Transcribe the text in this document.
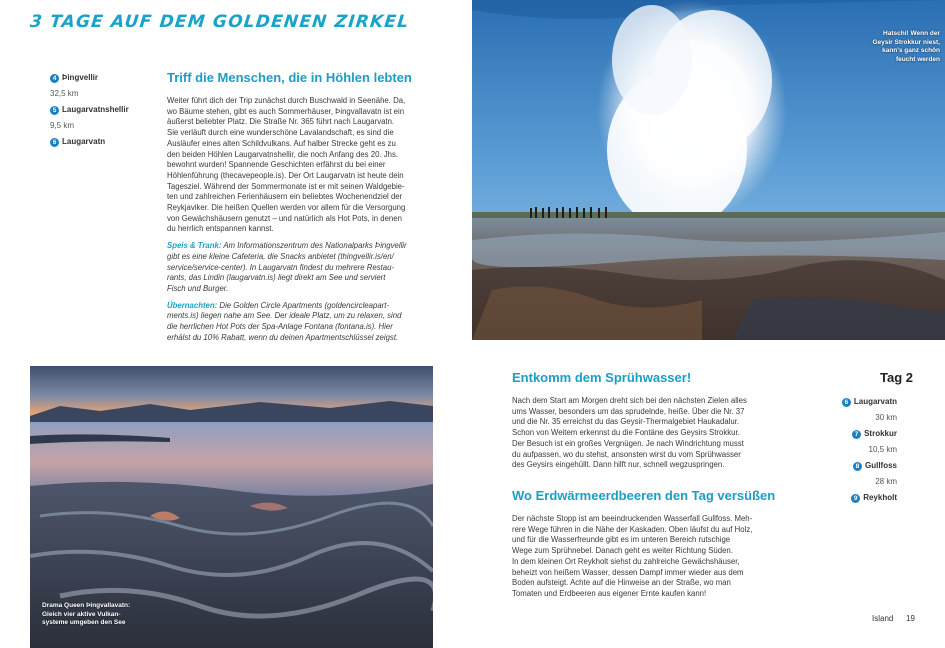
3 TAGE AUF DEM GOLDENEN ZIRKEL
4 Þingvellir
32,5 km
5 Laugarvatnshellir
9,5 km
6 Laugarvatn
Triff die Menschen, die in Höhlen lebten

Weiter führt dich der Trip zunächst durch Buschwald in Seenähe. Da,
wo Bäume stehen, gibt es auch Sommerhäuser, Þingvallavatn ist ein
äußerst beliebter Platz. Die Straße Nr. 365 führt nach Laugarvatn.
Sie verläuft durch eine wunderschöne Lavalandschaft, es sind die
Ausläufer eines alten Schildvulkans. Auf halber Strecke geht es zu
den beiden Höhlen Laugarvatnshellir, die noch Anfang des 20. Jhs.
bewohnt wurden! Spannende Geschichten erfährst du bei einer
Höhlenführung (thecavepeople.is). Der Ort Laugarvatn ist heute dein
Tagesziel. Während der Sommermonate ist er mit seinen Waldgebie-
ten und zahlreichen Ferienhäusern ein beliebtes Wochenendziel der
Reykjaviker. Die heißen Quellen werden vor allem für die Versorgung
von Gewächshäusern genutzt – und natürlich als Hot Pots, in denen
du herrlich entspannen kannst.

Speis & Trank: Am Informationszentrum des Nationalparks Þingvellir
gibt es eine kleine Cafeteria, die Snacks anbietet (thingvellir.is/en/
service/service-center). In Laugarvatn findest du mehrere Restau-
rants, das Lindin (laugarvatn.is) liegt direkt am See und serviert
Fisch und Burger.

Übernachten: Die Golden Circle Apartments (goldencircleapart-
ments.is) liegen nahe am See. Der ideale Platz, um zu relaxen, sind
die herrlichen Hot Pots der Spa-Anlage Fontana (fontana.is). Hier
erhälst du 10% Rabatt, wenn du deinen Apartmentschlüssel zeigst.

Hatschi! Wenn der
Geysir Strokkur niest,
kann's ganz schön
feucht werden
Drama Queen Þingvallavatn:
Gleich vier aktive Vulkan-
systeme umgeben den See
Tag 2
6 Laugarvatn
30 km
7 Strokkur
10,5 km
8 Gullfoss
28 km
9 Reykholt
Entkomm dem Sprühwasser!
Nach dem Start am Morgen dreht sich bei den nächsten Zielen alles
ums Wasser, besonders um das sprudelnde, heiße. Über die Nr. 37
und die Nr. 35 erreichst du das Geysir-Thermalgebiet Haukadalur.
Schon von Weitem erkennst du die Fontäne des Geysirs Strokkur.
Der Besuch ist ein großes Vergnügen. Je nach Windrichtung musst
du aufpassen, wo du stehst, ansonsten wirst du vom Sprühwasser
des Geysirs eingehüllt. Dann hilft nur, schnell wegzuspringen.
Wo Erdwärmeerdbeeren den Tag versüßen
Der nächste Stopp ist am beeindruckenden Wasserfall Gullfoss. Meh-
rere Wege führen in die Nähe der Kaskaden. Oben läufst du auf Holz,
und für die Wasserfreunde gibt es im unteren Bereich rutschige
Wege zum Sprühnebel. Danach geht es weiter Richtung Süden.
In dem kleinen Ort Reykholt siehst du zahlreiche Gewächshäuser,
beheizt von heißem Wasser, dessen Dampf immer wieder aus dem
Boden aufsteigt. Achte auf die Hinweise an der Straße, wo man
Tomaten und Erdbeeren aus eigener Ernte kaufen kann!
Island 19
